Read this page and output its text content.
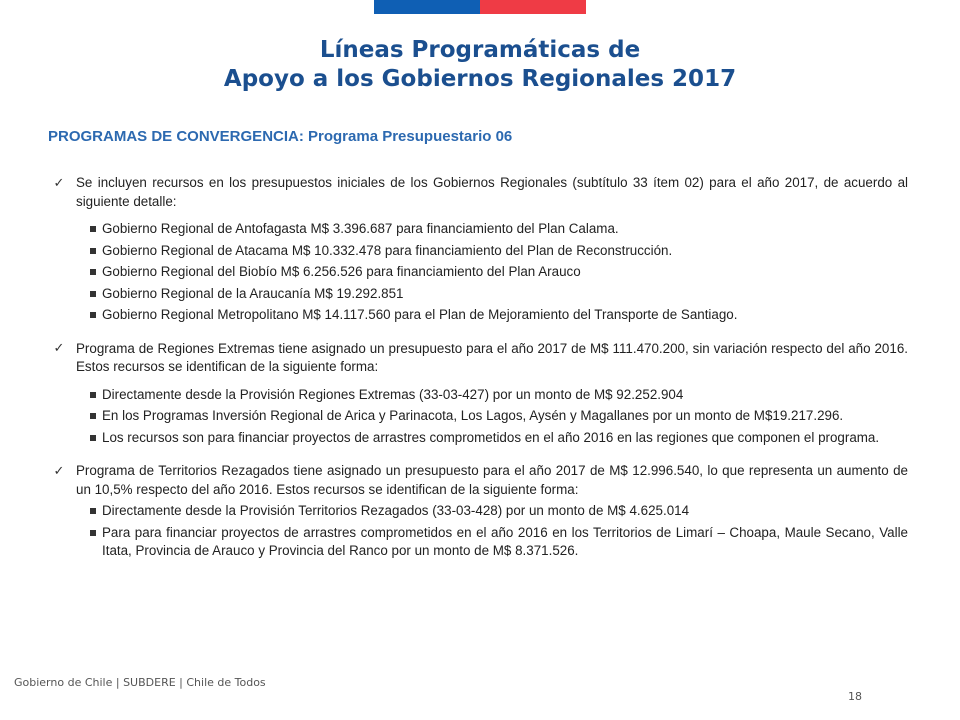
Líneas Programáticas de
Apoyo a los Gobiernos Regionales 2017
PROGRAMAS DE CONVERGENCIA: Programa Presupuestario 06

✓ Se incluyen recursos en los presupuestos iniciales de los Gobiernos Regionales (subtítulo 33 ítem 02) para el año 2017, de acuerdo al siguiente detalle:

Gobierno Regional de Antofagasta M$ 3.396.687 para financiamiento del Plan Calama.
Gobierno Regional de Atacama M$ 10.332.478 para financiamiento del Plan de Reconstrucción.
Gobierno Regional del Biobío M$ 6.256.526 para financiamiento del Plan Arauco
Gobierno Regional de la Araucanía M$ 19.292.851
Gobierno Regional Metropolitano M$ 14.117.560 para el Plan de Mejoramiento del Transporte de Santiago.

✓ Programa de Regiones Extremas tiene asignado un presupuesto para el año 2017 de M$ 111.470.200, sin variación respecto del año 2016. Estos recursos se identifican de la siguiente forma:

Directamente desde la Provisión Regiones Extremas (33-03-427) por un monto de M$ 92.252.904
En los Programas Inversión Regional de Arica y Parinacota, Los Lagos, Aysén y Magallanes por un monto de M$19.217.296.
Los recursos son para financiar proyectos de arrastres comprometidos en el año 2016 en las regiones que componen el programa.

✓ Programa de Territorios Rezagados tiene asignado un presupuesto para el año 2017 de M$ 12.996.540, lo que representa un aumento de un 10,5% respecto del año 2016. Estos recursos se identifican de la siguiente forma:

Directamente desde la Provisión Territorios Rezagados (33-03-428) por un monto de M$ 4.625.014
Para para financiar proyectos de arrastres comprometidos en el año 2016 en los Territorios de Limarí – Choapa, Maule Secano, Valle Itata, Provincia de Arauco y Provincia del Ranco por un monto de M$ 8.371.526.
Gobierno de Chile | SUBDERE | Chile de Todos
18
